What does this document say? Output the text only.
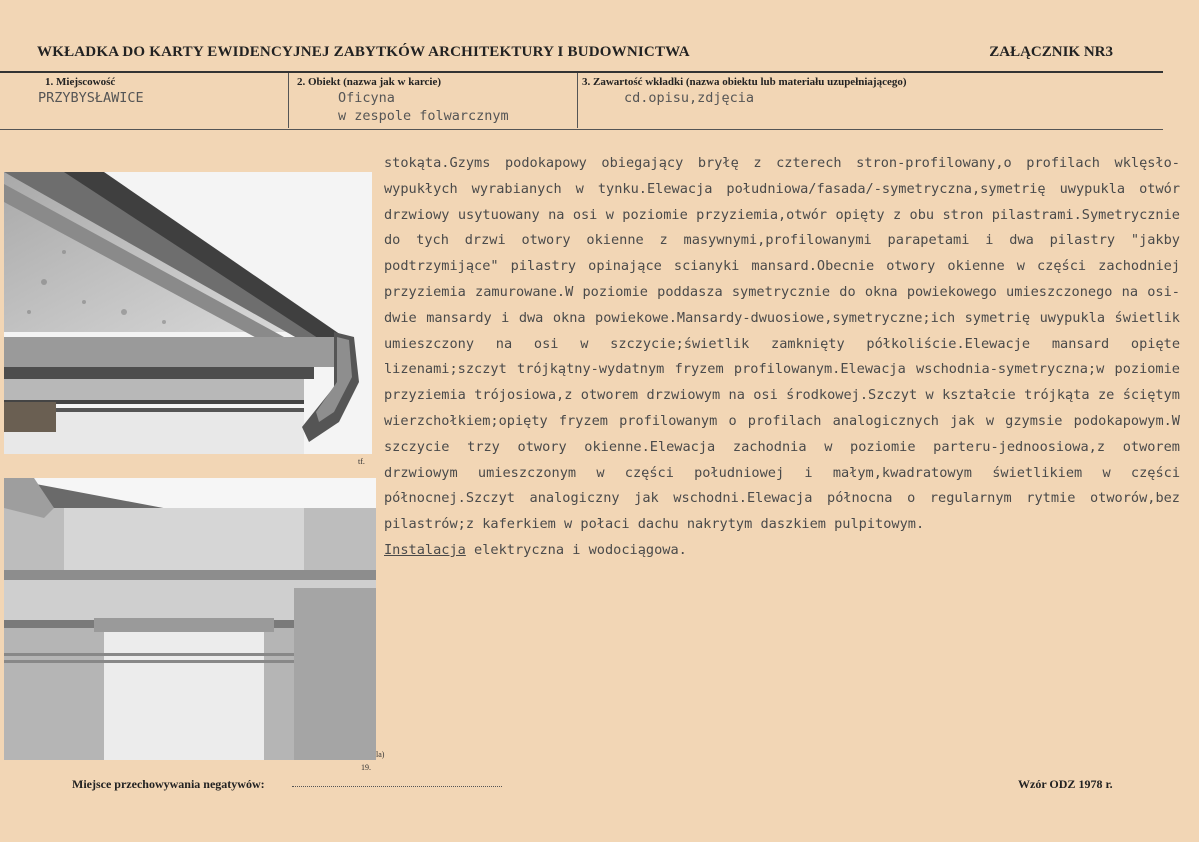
WKŁADKA DO KARTY EWIDENCYJNEJ ZABYTKÓW ARCHITEKTURY I BUDOWNICTWA	ZAŁĄCZNIK NR3
1. Miejscowość
PRZYBYSŁAWICE
2. Obiekt (nazwa jak w karcie)
Oficyna
w zespole folwarcznym
3. Zawartość wkładki (nazwa obiektu lub materiału uzupełniającego)
cd.opisu,zdjęcia
tf.
la)
19.

stokąta.Gzyms podokapowy obiegający bryłę z czterech stron-profilowany,o profilach wklęsło-wypukłych wyrabianych w tynku.Elewacja południowa/fasada/-symetryczna,symetrię uwypukla otwór drzwiowy usytuowany na osi w poziomie przyziemia,otwór opięty z obu stron pilastrami.Symetrycznie do tych drzwi otwory okienne z masywnymi,profilowanymi parapetami i dwa pilastry "jakby podtrzymijące" pilastry opinające scianyki mansard.Obecnie otwory okienne w części zachodniej przyziemia zamurowane.W poziomie poddasza symetrycznie do okna powiekowego umieszczonego na osi-dwie mansardy i dwa okna powiekowe.Mansardy-dwuosiowe,symetryczne;ich symetrię uwypukla świetlik umieszczony na osi w szczycie;świetlik zamknięty półkoliście.Elewacje mansard opięte lizenami;szczyt trójkątny-wydatnym fryzem profilowanym.Elewacja wschodnia-symetryczna;w poziomie przyziemia trójosiowa,z otworem drzwiowym na osi środkowej.Szczyt w kształcie trójkąta ze ściętym wierzchołkiem;opięty fryzem profilowanym o profilach analogicznych jak w gzymsie podokapowym.W szczycie trzy otwory okienne.Elewacja zachodnia w poziomie parteru-jednoosiowa,z otworem drzwiowym umieszczonym w części południowej i małym,kwadratowym świetlikiem w części północnej.Szczyt analogiczny jak wschodni.Elewacja północna o regularnym rytmie otworów,bez pilastrów;z kaferkiem w połaci dachu nakrytym daszkiem pulpitowym.

Instalacja elektryczna i wodociągowa.

Miejsce przechowywania negatywów:	Wzór ODZ 1978 r.
